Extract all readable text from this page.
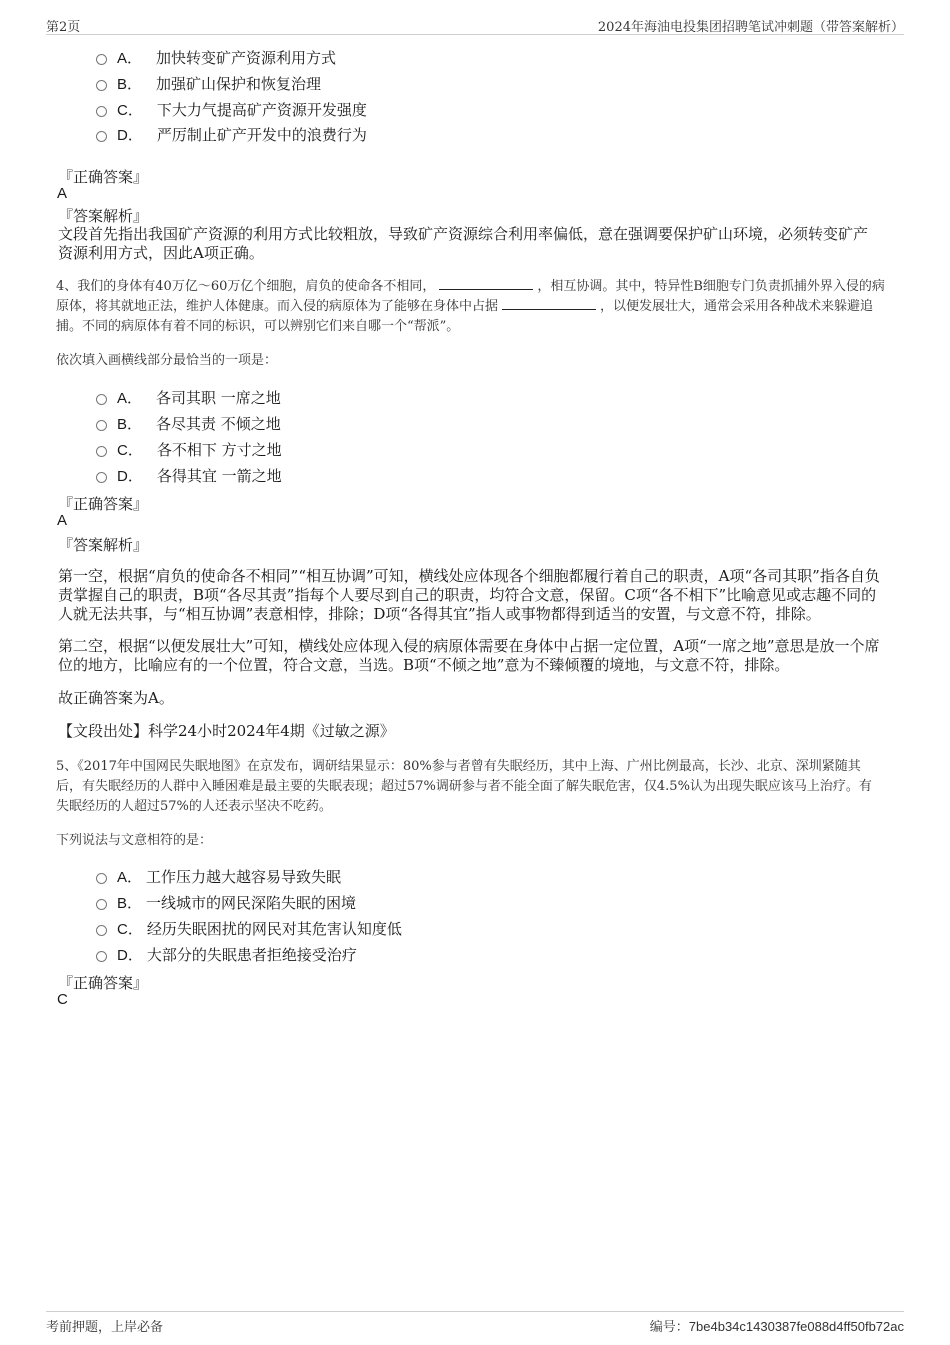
第2页	2024年海油电投集团招聘笔试冲刺题（带答案解析）
A． 加快转变矿产资源利用方式
B． 加强矿山保护和恢复治理
C． 下大力气提高矿产资源开发强度
D． 严厉制止矿产开发中的浪费行为
『正确答案』
A
『答案解析』
文段首先指出我国矿产资源的利用方式比较粗放，导致矿产资源综合利用率偏低，意在强调要保护矿山环境，必须转变矿产
资源利用方式，因此A项正确。
4、我们的身体有40万亿～60万亿个细胞，肩负的使命各不相同，	，相互协调。其中，特异性B细胞专门负责抓捕外界入侵的病
原体，将其就地正法，维护人体健康。而入侵的病原体为了能够在身体中占据	，以便发展壮大，通常会采用各种战术来躲避追
捕。不同的病原体有着不同的标识，可以辨别它们来自哪一个“帮派”。
依次填入画横线部分最恰当的一项是：
A． 各司其职 一席之地
B． 各尽其责 不倾之地
C． 各不相下 方寸之地
D． 各得其宜 一箭之地
『正确答案』
A
『答案解析』
第一空，根据“肩负的使命各不相同”“相互协调”可知，横线处应体现各个细胞都履行着自己的职责，A项“各司其职”指各自负
责掌握自己的职责，B项“各尽其责”指每个人要尽到自己的职责，均符合文意，保留。C项“各不相下”比喻意见或志趣不同的
人就无法共事，与“相互协调”表意相悖，排除；D项“各得其宜”指人或事物都得到适当的安置，与文意不符，排除。
第二空，根据“以便发展壮大”可知，横线处应体现入侵的病原体需要在身体中占据一定位置，A项“一席之地”意思是放一个席
位的地方，比喻应有的一个位置，符合文意，当选。B项“不倾之地”意为不臻倾覆的境地，与文意不符，排除。
故正确答案为A。
【文段出处】科学24小时2024年4期《过敏之源》
5、《2017年中国网民失眠地图》在京发布，调研结果显示：80%参与者曾有失眠经历，其中上海、广州比例最高，长沙、北京、深圳紧随其
后，有失眠经历的人群中入睡困难是最主要的失眠表现；超过57%调研参与者不能全面了解失眠危害，仅4.5%认为出现失眠应该马上治疗。有
失眠经历的人超过57%的人还表示坚决不吃药。
下列说法与文意相符的是：
A． 工作压力越大越容易导致失眠
B． 一线城市的网民深陷失眠的困境
C． 经历失眠困扰的网民对其危害认知度低
D． 大部分的失眠患者拒绝接受治疗
『正确答案』
C
考前押题，上岸必备	编号：7be4b34c1430387fe088d4ff50fb72ac
